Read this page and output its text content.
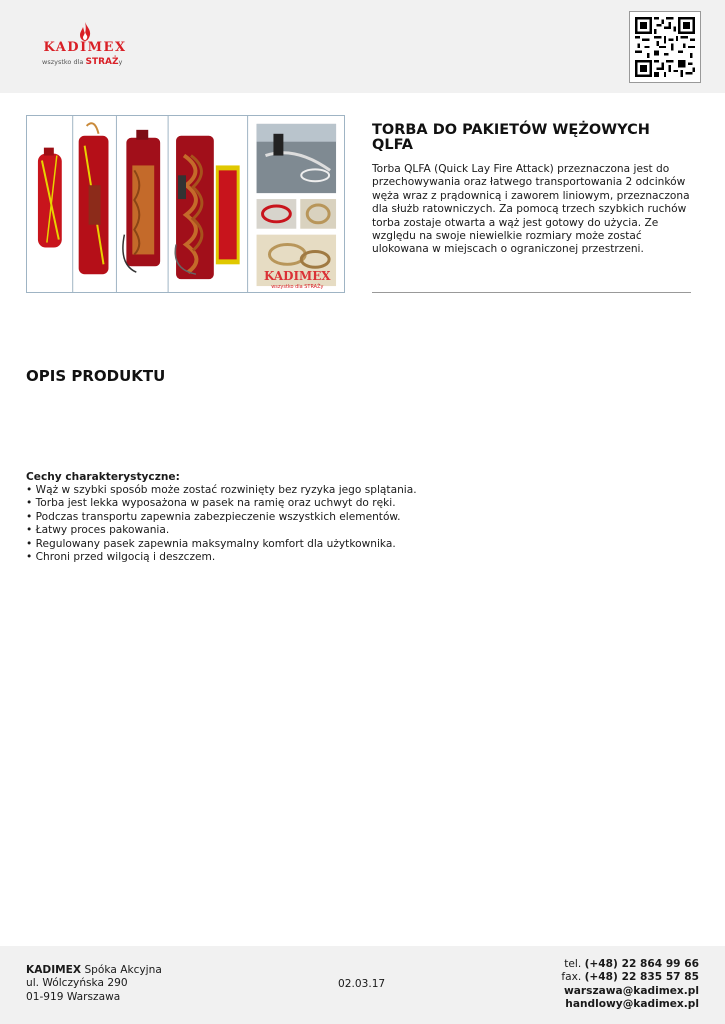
KADIMEX
wszystko dla STRAŻy
KADIMEX
wszystko dla STRAŻy
TORBA DO PAKIETÓW WĘŻOWYCH QLFA

Torba QLFA (Quick Lay Fire Attack) przeznaczona jest do przechowywania oraz łatwego transportowania 2 odcinków węża wraz z prądownicą i zaworem liniowym, przeznaczona dla służb ratowniczych. Za pomocą trzech szybkich ruchów torba zostaje otwarta a wąż jest gotowy do użycia. Ze względu na swoje niewielkie rozmiary może zostać ulokowana w miejscach o ograniczonej przestrzeni.

OPIS PRODUKTU
Cechy charakterystyczne:
• Wąż w szybki sposób może zostać rozwinięty bez ryzyka jego splątania.
• Torba jest lekka wyposażona w pasek na ramię oraz uchwyt do ręki.
• Podczas transportu zapewnia zabezpieczenie wszystkich elementów.
• Łatwy proces pakowania.
• Regulowany pasek zapewnia maksymalny komfort dla użytkownika.
• Chroni przed wilgocią i deszczem.
KADIMEX Spóka Akcyjna
ul. Wólczyńska 290
01-919 Warszawa
02.03.17
tel. (+48) 22 864 99 66
fax. (+48) 22 835 57 85
warszawa@kadimex.pl
handlowy@kadimex.pl
